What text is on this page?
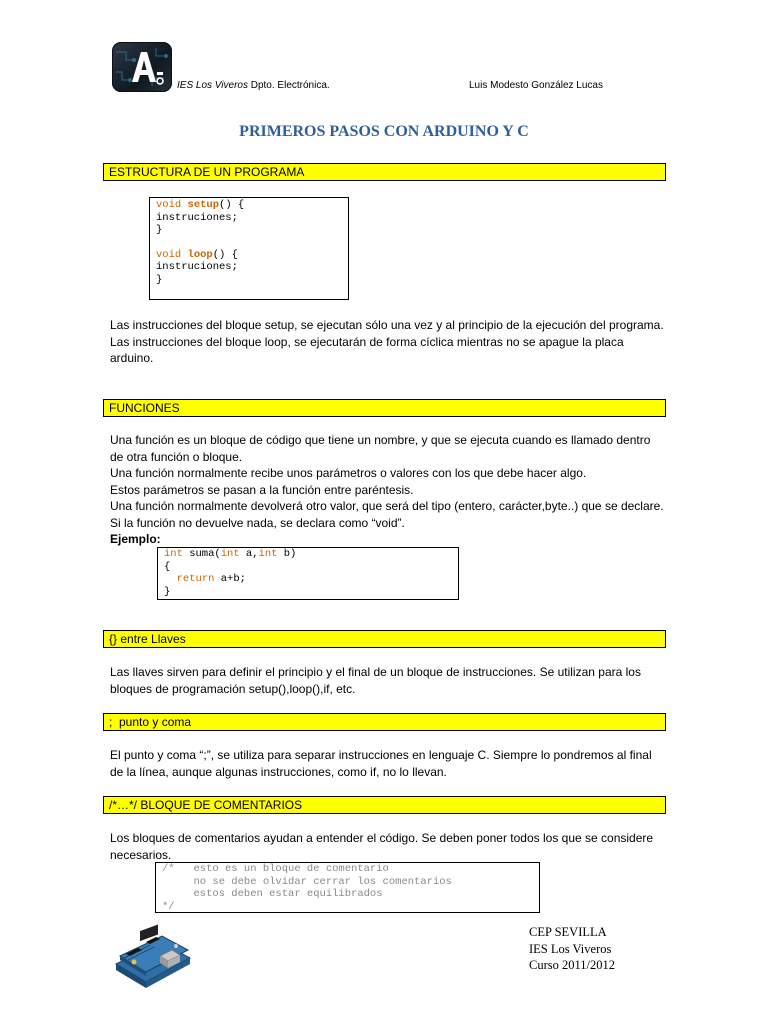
IES Los Viveros Dpto. Electrónica.	Luis Modesto González Lucas
PRIMEROS PASOS CON ARDUINO Y C
ESTRUCTURA DE UN PROGRAMA
void setup() {
instruciones;
}
void loop() {
instruciones;
}

Las instrucciones del bloque setup, se ejecutan sólo una vez y al principio de la ejecución del programa.

Las instrucciones del bloque loop, se ejecutarán de forma cíclica mientras no se apague la placa arduino.

FUNCIONES

Una función es un bloque de código que tiene un nombre, y que se ejecuta cuando es llamado dentro de otra función o bloque.

Una función normalmente recibe unos parámetros o valores con los que debe hacer algo.

Estos parámetros se pasan a la función entre paréntesis.

Una función normalmente devolverá otro valor, que será del tipo (entero, carácter,byte..) que se declare. Si la función no devuelve nada, se declara como “void”.

Ejemplo:

int suma(int a,int b)
{
return a+b;
}
{} entre Llaves

Las llaves sirven para definir el principio y el final de un bloque de instrucciones. Se utilizan para los bloques de programación setup(),loop(),if, etc.

;  punto y coma

El punto y coma “;”, se utiliza para separar instrucciones en lenguaje C. Siempre lo pondremos al final de la línea, aunque algunas instrucciones, como if, no lo llevan.

/*…*/ BLOQUE DE COMENTARIOS

Los bloques de comentarios ayudan a entender el código. Se deben poner todos los que se considere necesarios.

/*   esto es un bloque de comentario
no se debe olvidar cerrar los comentarios
estos deben estar equilibrados
*/
CEP SEVILLA
IES Los Viveros
Curso 2011/2012
